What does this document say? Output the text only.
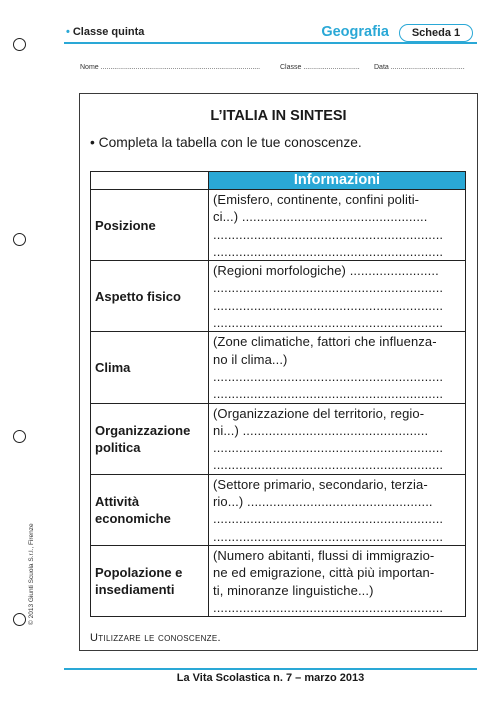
• Classe quinta	Geografia	Scheda 1
Nome ..................................................................................	Classe ............................. Data ......................................
L’ITALIA IN SINTESI
• Completa la tabella con le tue conoscenze.
	Informazioni
Posizione	(Emisfero, continente, confini politi-
ci...) ..................................................
..............................................................
..............................................................

Aspetto fisico	(Regioni morfologiche) ........................
..............................................................
..............................................................
..............................................................

Clima	(Zone climatiche, fattori che influenza-
no il clima...)
..............................................................
..............................................................

Organizzazione politica	(Organizzazione del territorio, regio-
ni...) ..................................................
..............................................................
..............................................................

Attività economiche	(Settore primario, secondario, terzia-
rio...) ..................................................
..............................................................
..............................................................

Popolazione e insediamenti	(Numero abitanti, flussi di immigrazio-
ne ed emigrazione, città più importan-
ti, minoranze linguistiche...)
..............................................................
Utilizzare le conoscenze.
© 2013 Giunti Scuola S.r.l., Firenze
La Vita Scolastica n. 7 – marzo 2013
